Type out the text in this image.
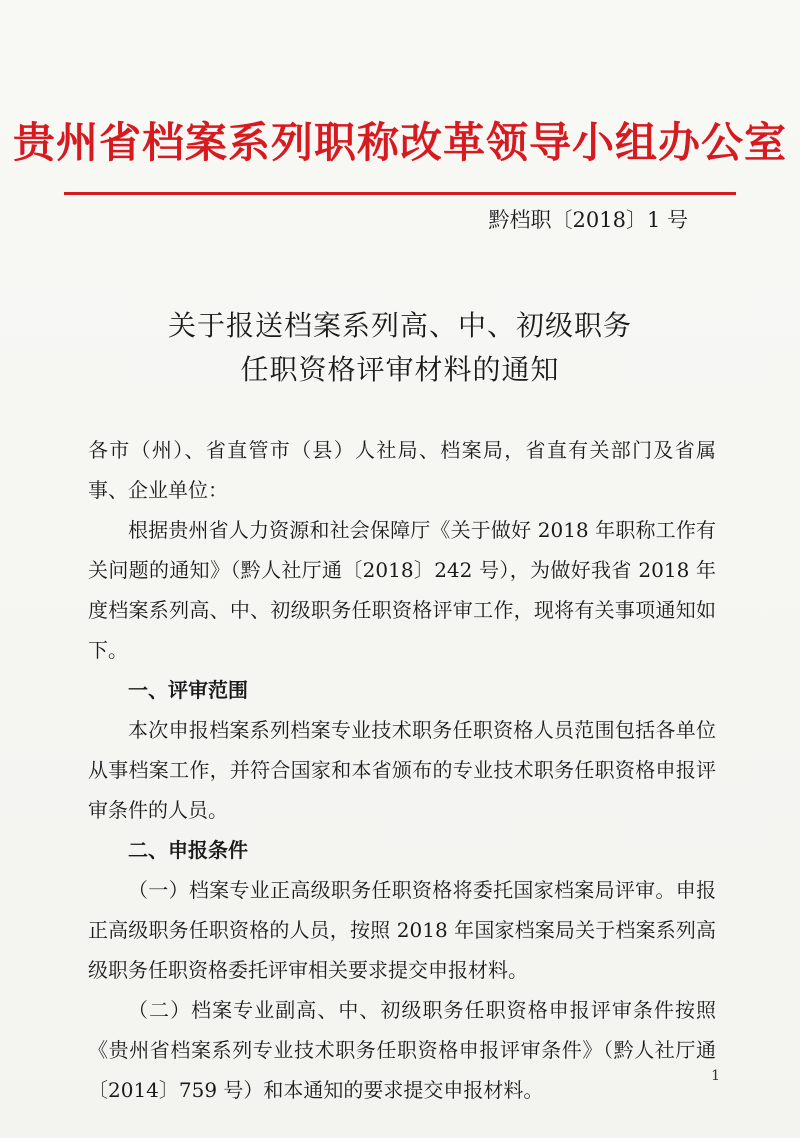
贵州省档案系列职称改革领导小组办公室
黔档职〔2018〕1 号
关于报送档案系列高、中、初级职务
任职资格评审材料的通知

各市（州）、省直管市（县）人社局、档案局，省直有关部门及省属事、企业单位：

根据贵州省人力资源和社会保障厅《关于做好 2018 年职称工作有关问题的通知》（黔人社厅通〔2018〕242 号），为做好我省 2018 年度档案系列高、中、初级职务任职资格评审工作，现将有关事项通知如下。

一、评审范围

本次申报档案系列档案专业技术职务任职资格人员范围包括各单位从事档案工作，并符合国家和本省颁布的专业技术职务任职资格申报评审条件的人员。

二、申报条件

（一）档案专业正高级职务任职资格将委托国家档案局评审。申报正高级职务任职资格的人员，按照 2018 年国家档案局关于档案系列高级职务任职资格委托评审相关要求提交申报材料。

（二）档案专业副高、中、初级职务任职资格申报评审条件按照《贵州省档案系列专业技术职务任职资格申报评审条件》（黔人社厅通〔2014〕759 号）和本通知的要求提交申报材料。

1
